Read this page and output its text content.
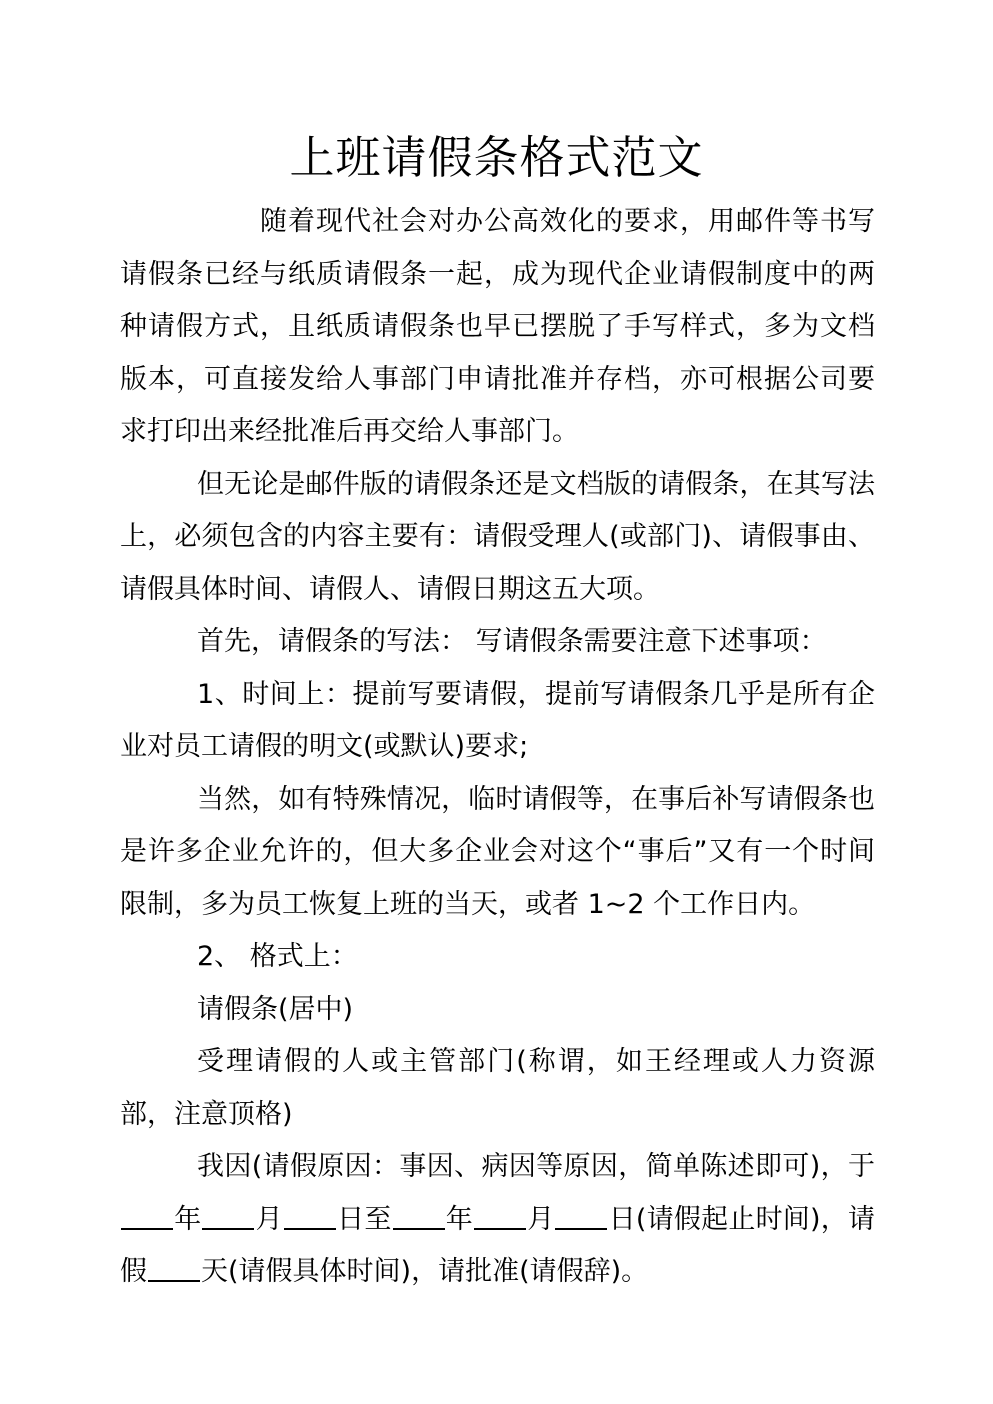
上班请假条格式范文

随着现代社会对办公高效化的要求，用邮件等书写请假条已经与纸质请假条一起，成为现代企业请假制度中的两种请假方式，且纸质请假条也早已摆脱了手写样式，多为文档版本，可直接发给人事部门申请批准并存档，亦可根据公司要求打印出来经批准后再交给人事部门。

但无论是邮件版的请假条还是文档版的请假条，在其写法上，必须包含的内容主要有：请假受理人(或部门)、请假事由、请假具体时间、请假人、请假日期这五大项。

首先，请假条的写法： 写请假条需要注意下述事项：

1、时间上：提前写要请假，提前写请假条几乎是所有企业对员工请假的明文(或默认)要求;

当然，如有特殊情况，临时请假等，在事后补写请假条也是许多企业允许的，但大多企业会对这个“事后”又有一个时间限制，多为员工恢复上班的当天，或者 1~2 个工作日内。

2、 格式上：

请假条(居中)

受理请假的人或主管部门(称谓，如王经理或人力资源部，注意顶格)

我因(请假原因：事因、病因等原因，简单陈述即可)，于年 月 日至 年 月 日(请假起止时间)，请假 天(请假具体时间)，请批准(请假辞)。
